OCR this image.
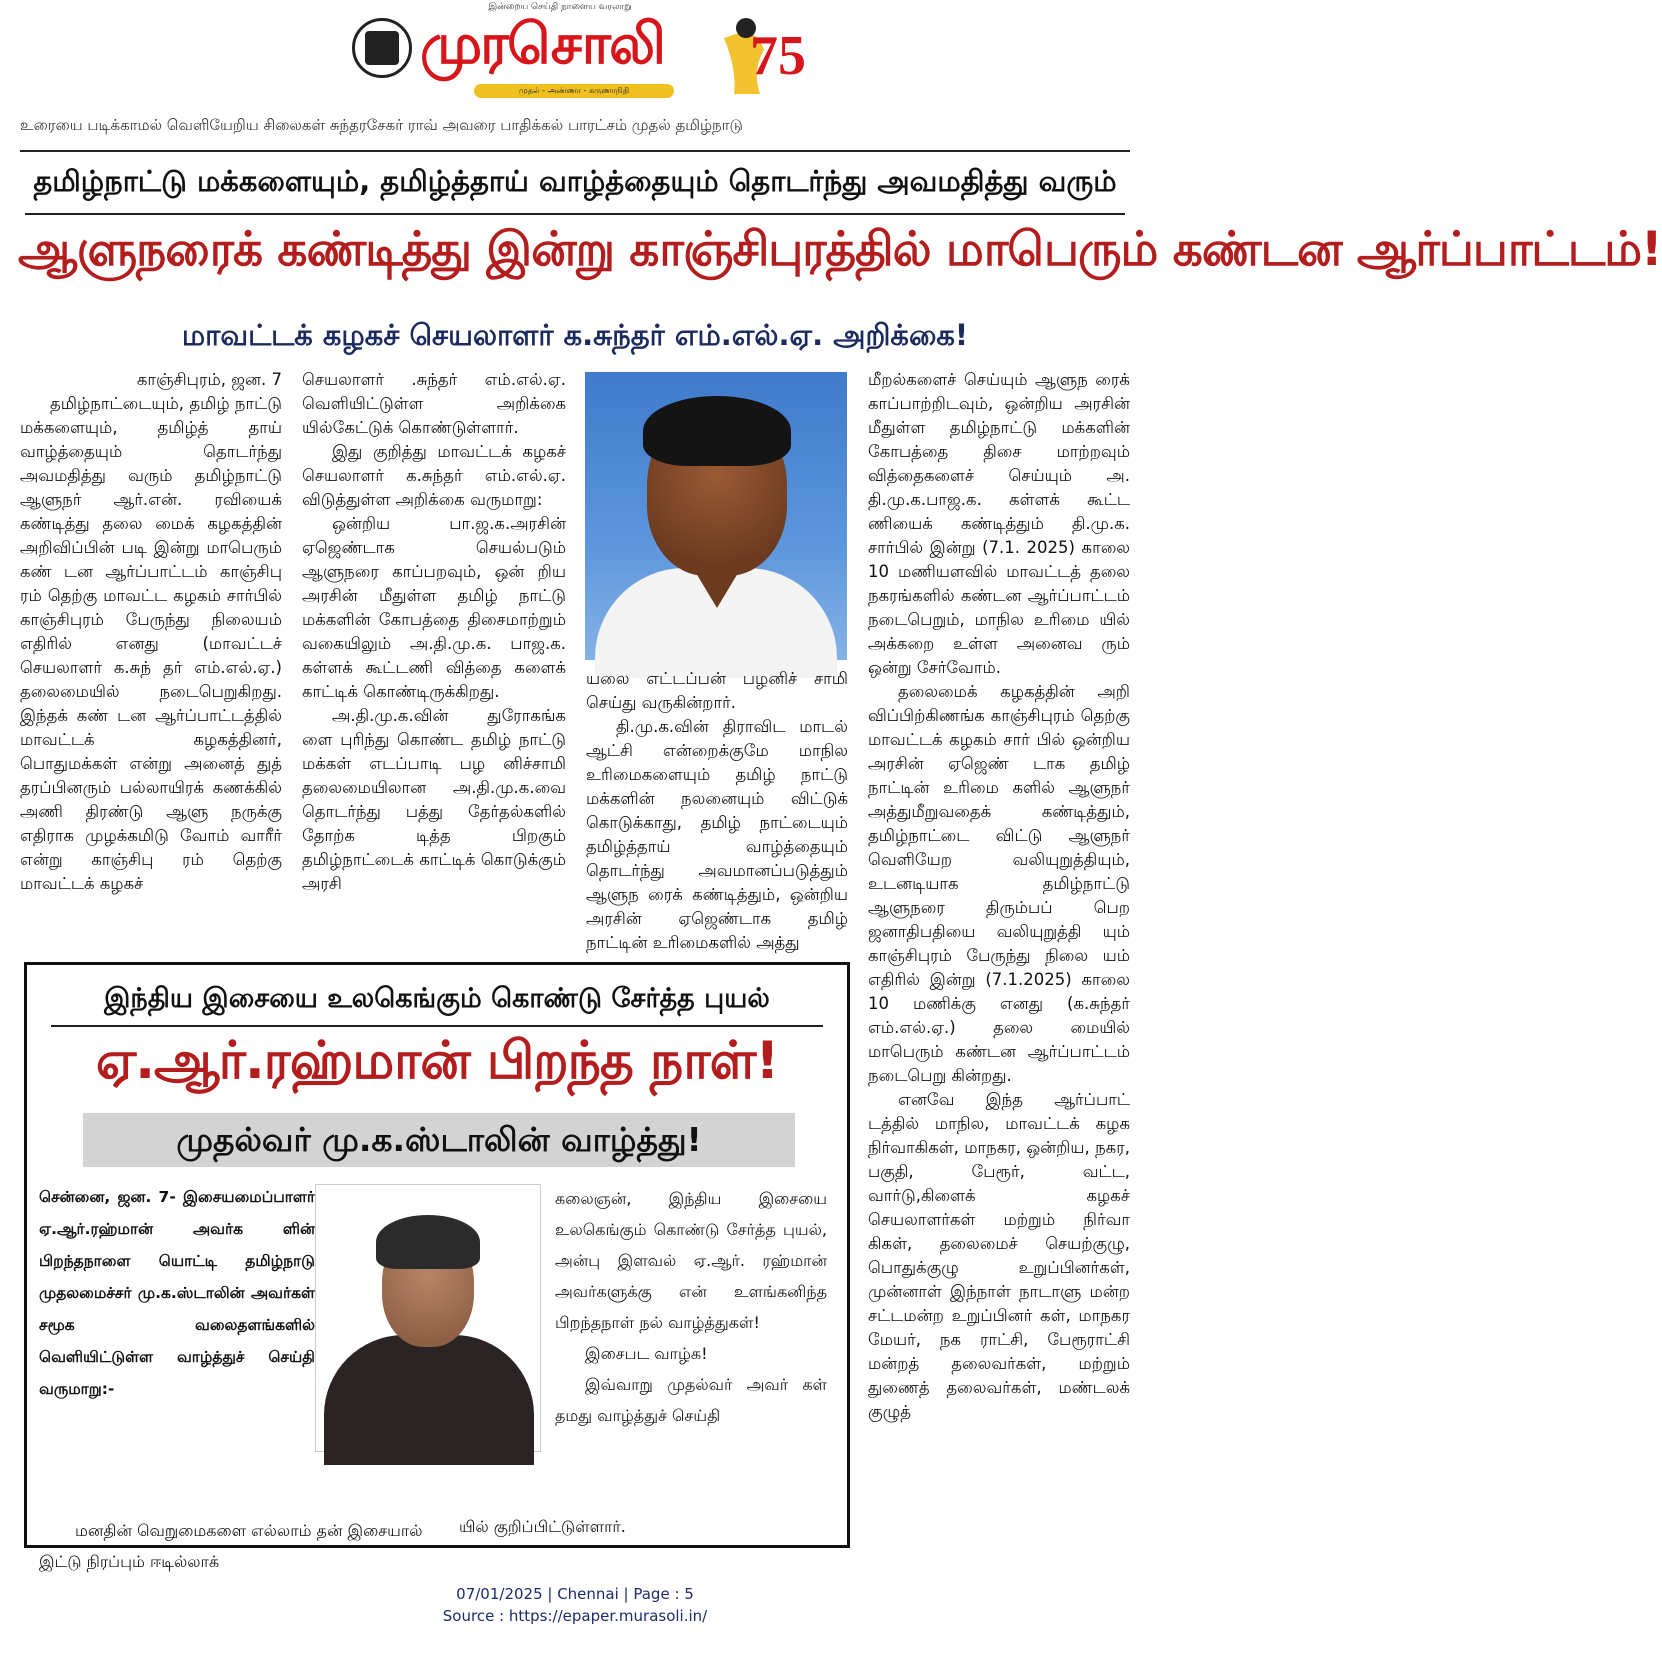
இன்றைய செய்தி நாளைய வரலாறு
முரசொலி
முதல் - அண்ணா - கருணாநிதி
75
உரையை படிக்காமல் வெளியேறிய சிலைகள் சுந்தரசேகர் ராவ் அவரை பாதிக்கல் பாரட்சம் முதல் தமிழ்நாடு
தமிழ்நாட்டு மக்களையும், தமிழ்த்தாய் வாழ்த்தையும் தொடர்ந்து அவமதித்து வரும்
ஆளுநரைக் கண்டித்து இன்று காஞ்சிபுரத்தில் மாபெரும் கண்டன ஆர்ப்பாட்டம்!
மாவட்டக் கழகச் செயலாளர் க.சுந்தர் எம்.எல்.ஏ. அறிக்கை!

காஞ்சிபுரம், ஜன. 7

தமிழ்நாட்டையும், தமிழ் நாட்டு மக்களையும், தமிழ்த் தாய் வாழ்த்தையும் தொடர்ந்து அவமதித்து வரும் தமிழ்நாட்டு ஆளுநர் ஆர்.என். ரவியைக் கண்டித்து தலை மைக் கழகத்தின் அறிவிப்பின் படி இன்று மாபெரும் கண் டன ஆர்ப்பாட்டம் காஞ்சிபு ரம் தெற்கு மாவட்ட கழகம் சார்பில் காஞ்சிபுரம் பேருந்து நிலையம் எதிரில் எனது (மாவட்டச் செயலாளர் க.சுந் தர் எம்.எல்.ஏ.) தலைமையில் நடைபெறுகிறது. இந்தக் கண் டன ஆர்ப்பாட்டத்தில் மாவட்டக் கழகத்தினர், பொதுமக்கள் என்று அனைத் துத் தரப்பினரும் பல்லாயிரக் கணக்கில் அணி திரண்டு ஆளு நருக்கு எதிராக முழக்கமிடு வோம் வாரீர் என்று காஞ்சிபு ரம் தெற்கு மாவட்டக் கழகச்

செயலாளர் .சுந்தர் எம்.எல்.ஏ. வெளியிட்டுள்ள அறிக்கை யில்கேட்டுக் கொண்டுள்ளார்.

இது குறித்து மாவட்டக் கழகச் செயலாளர் க.சுந்தர் எம்.எல்.ஏ. விடுத்துள்ள அறிக்கை வருமாறு:

ஒன்றிய பா.ஜ.க.அரசின் ஏஜெண்டாக செயல்படும் ஆளுநரை காப்பறவும், ஒன் றிய அரசின் மீதுள்ள தமிழ் நாட்டு மக்களின் கோபத்தை திசைமாற்றும் வகையிலும் அ.தி.மு.க. பாஜ.க. கள்ளக் கூட்டணி வித்தை களைக் காட்டிக் கொண்டிருக்கிறது.

அ.தி.மு.க.வின் துரோகங்க ளை புரிந்து கொண்ட தமிழ் நாட்டு மக்கள் எடப்பாடி பழ னிச்சாமி தலைமையிலான அ.தி.மு.க.வை தொடர்ந்து பத்து தேர்தல்களில் தோற்க டித்த பிறகும் தமிழ்நாட்டைக் காட்டிக் கொடுக்கும் அரசி

யலை எட்டப்பன் பழனிச் சாமி செய்து வருகின்றார்.

தி.மு.க.வின் திராவிட மாடல் ஆட்சி என்றைக்குமே மாநில உரிமைகளையும் தமிழ் நாட்டு மக்களின் நலனையும் விட்டுக் கொடுக்காது, தமிழ் நாட்டையும் தமிழ்த்தாய் வாழ்த்தையும் தொடர்ந்து அவமானப்படுத்தும் ஆளுந ரைக் கண்டித்தும், ஒன்றிய அரசின் ஏஜெண்டாக தமிழ் நாட்டின் உரிமைகளில் அத்து

மீறல்களைச் செய்யும் ஆளுந ரைக் காப்பாற்றிடவும், ஒன்றிய அரசின் மீதுள்ள தமிழ்நாட்டு மக்களின் கோபத்தை திசை மாற்றவும் வித்தைகளைச் செய்யும் அ. தி.மு.க.பாஜ.க. கள்ளக் கூட்ட ணியைக் கண்டித்தும் தி.மு.க. சார்பில் இன்று (7.1. 2025) காலை 10 மணியளவில் மாவட்டத் தலை நகரங்களில் கண்டன ஆர்ப்பாட்டம் நடைபெறும், மாநில உரிமை யில் அக்கறை உள்ள அனைவ ரும் ஒன்று சேர்வோம்.

தலைமைக் கழகத்தின் அறி விப்பிற்கிணங்க காஞ்சிபுரம் தெற்கு மாவட்டக் கழகம் சார் பில் ஒன்றிய அரசின் ஏஜெண் டாக தமிழ் நாட்டின் உரிமை களில் ஆளுநர் அத்துமீறுவதைக் கண்டித்தும், தமிழ்நாட்டை விட்டு ஆளுநர் வெளியேற வலியுறுத்தியும், உடனடியாக தமிழ்நாட்டு ஆளுநரை திரும்பப் பெற ஜனாதிபதியை வலியுறுத்தி யும் காஞ்சிபுரம் பேருந்து நிலை யம் எதிரில் இன்று (7.1.2025) காலை 10 மணிக்கு எனது (க.சுந்தர் எம்.எல்.ஏ.) தலை மையில் மாபெரும் கண்டன ஆர்ப்பாட்டம் நடைபெறு கின்றது.

எனவே இந்த ஆர்ப்பாட் டத்தில் மாநில, மாவட்டக் கழக நிர்வாகிகள், மாநகர, ஒன்றிய, நகர, பகுதி, பேரூர், வட்ட, வார்டு,கிளைக் கழகச் செயலாளர்கள் மற்றும் நிர்வா கிகள், தலைமைச் செயற்குழு, பொதுக்குழு உறுப்பினர்கள், முன்னாள் இந்நாள் நாடாளு மன்ற சட்டமன்ற உறுப்பினர் கள், மாநகர மேயர், நக ராட்சி, பேரூராட்சி மன்றத் தலைவர்கள், மற்றும் துணைத் தலைவர்கள், மண்டலக் குழுத்

இந்திய இசையை உலகெங்கும் கொண்டு சேர்த்த புயல்
ஏ.ஆர்.ரஹ்மான் பிறந்த நாள்!
முதல்வர் மு.க.ஸ்டாலின் வாழ்த்து!
சென்னை, ஜன. 7- இசையமைப்பாளர் ஏ.ஆர்.ரஹ்மான் அவர்க ளின் பிறந்தநாளை யொட்டி தமிழ்நாடு முதலமைச்சர் மு.க.ஸ்டாலின் அவர்கள் சமூக வலைதளங்களில் வெளியிட்டுள்ள வாழ்த்துச் செய்தி வருமாறு:-

மனதின் வெறுமைகளை எல்லாம் தன் இசையால் இட்டு நிரப்பும் ஈடில்லாக்

கலைஞன், இந்திய இசையை உலகெங்கும் கொண்டு சேர்த்த புயல், அன்பு இளவல் ஏ.ஆர். ரஹ்மான் அவர்களுக்கு என் உளங்கனிந்த பிறந்தநாள் நல் வாழ்த்துகள்!

இசைபட வாழ்க!

இவ்வாறு முதல்வர் அவர் கள் தமது வாழ்த்துச் செய்தி

யில் குறிப்பிட்டுள்ளார்.

07/01/2025 | Chennai | Page : 5
Source : https://epaper.murasoli.in/
